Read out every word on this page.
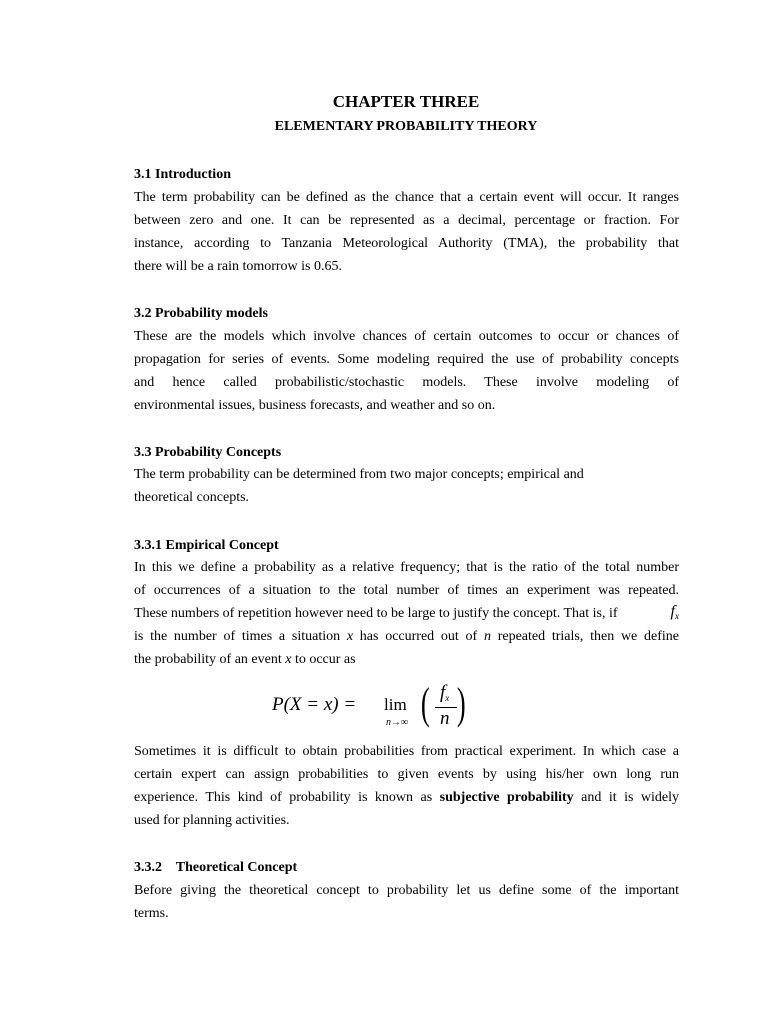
CHAPTER THREE
ELEMENTARY PROBABILITY THEORY
3.1 Introduction
The term probability can be defined as the chance that a certain event will occur. It ranges
between zero and one. It can be represented as a decimal, percentage or fraction. For
instance, according to Tanzania Meteorological Authority (TMA), the probability that
there will be a rain tomorrow is 0.65.
3.2 Probability models
These are the models which involve chances of certain outcomes to occur or chances of
propagation for series of events. Some modeling required the use of probability concepts
and hence called probabilistic/stochastic models. These involve modeling of
environmental issues, business forecasts, and weather and so on.
3.3 Probability Concepts
The term probability can be determined from two major concepts; empirical and
theoretical concepts.
3.3.1 Empirical Concept
In this we define a probability as a relative frequency; that is the ratio of the total number
of occurrences of a situation to the total number of times an experiment was repeated.
These numbers of repetition however need to be large to justify the concept. That is, if	$f_x$
is the number of times a situation x has occurred out of n repeated trials, then we define
the probability of an event x to occur as
P(X = x) = lim
n→∞ ( $f_x$
n )
Sometimes it is difficult to obtain probabilities from practical experiment. In which case a
certain expert can assign probabilities to given events by using his/her own long run
experience. This kind of probability is known as subjective probability and it is widely
used for planning activities.
3.3.2    Theoretical Concept
Before giving the theoretical concept to probability let us define some of the important
terms.
